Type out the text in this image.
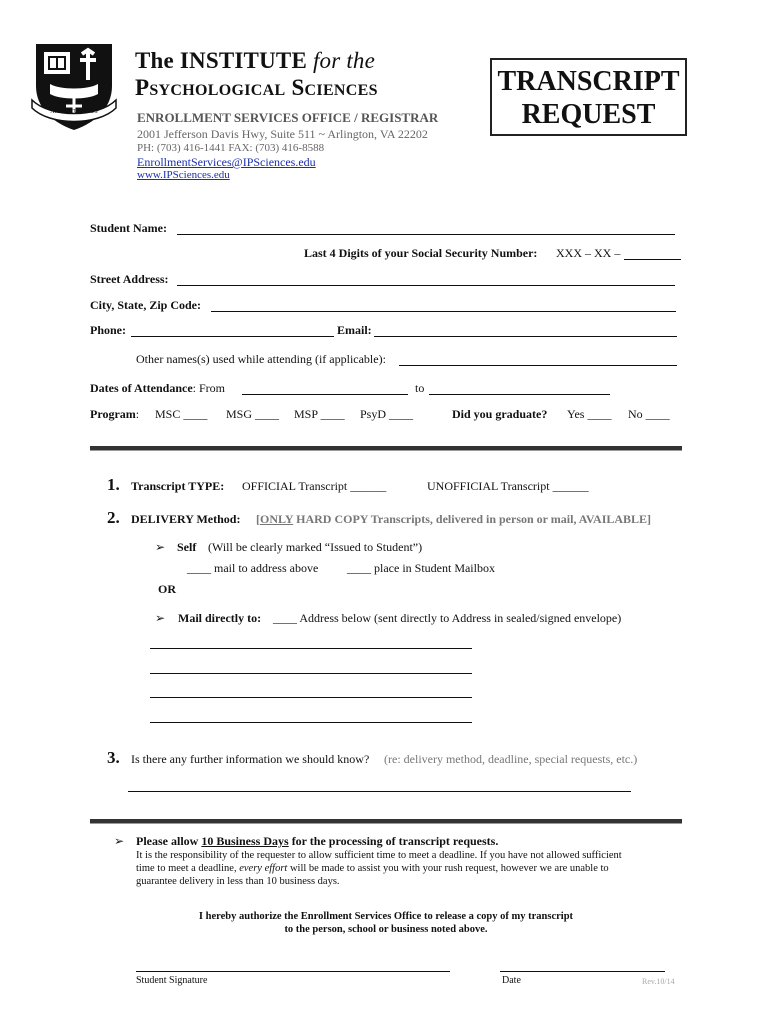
AMORITUS PLUS
The INSTITUTE for the
Psychological Sciences
ENROLLMENT SERVICES OFFICE / REGISTRAR
2001 Jefferson Davis Hwy, Suite 511 ~ Arlington, VA 22202
PH: (703) 416-1441 FAX: (703) 416-8588
EnrollmentServices@IPSciences.edu
www.IPSciences.edu
TRANSCRIPT
REQUEST
Student Name:
Last 4 Digits of your Social Security Number: XXX – XX –
Street Address:
City, State, Zip Code:
Phone:	Email:
Other names(s) used while attending (if applicable):
Dates of Attendance: From	to
Program: MSC ____ MSG ____ MSP ____ PsyD ____	Did you graduate? Yes ____ No ____
1. Transcript TYPE: OFFICIAL Transcript ______	UNOFFICIAL Transcript ______
2. DELIVERY Method: [ONLY HARD COPY Transcripts, delivered in person or mail, AVAILABLE]
➢ Self (Will be clearly marked “Issued to Student”)
____ mail to address above ____ place in Student Mailbox
OR
➢ Mail directly to: ____ Address below (sent directly to Address in sealed/signed envelope)
3. Is there any further information we should know? (re: delivery method, deadline, special requests, etc.)
➢ Please allow 10 Business Days for the processing of transcript requests.
It is the responsibility of the requester to allow sufficient time to meet a deadline. If you have not allowed sufficient
time to meet a deadline, every effort will be made to assist you with your rush request, however we are unable to
guarantee delivery in less than 10 business days.
I hereby authorize the Enrollment Services Office to release a copy of my transcript
to the person, school or business noted above.
Student Signature	Date	Rev.10/14
